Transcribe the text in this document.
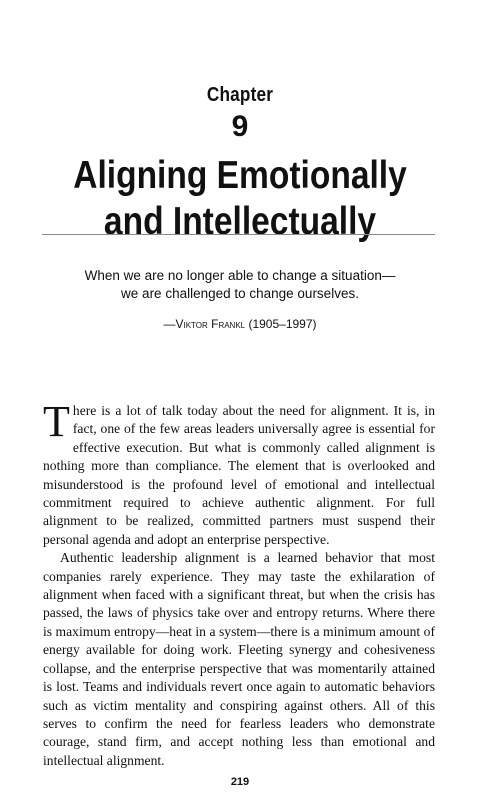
Chapter
9
Aligning Emotionally and Intellectually
When we are no longer able to change a situation—
we are challenged to change ourselves.
—Viktor Frankl (1905–1997)

There is a lot of talk today about the need for alignment. It is, in fact, one of the few areas leaders universally agree is essential for effective execution. But what is commonly called alignment is nothing more than compliance. The element that is overlooked and misunderstood is the profound level of emotional and intellectual commitment required to achieve authentic alignment. For full alignment to be realized, committed partners must suspend their personal agenda and adopt an enterprise perspective.

Authentic leadership alignment is a learned behavior that most companies rarely experience. They may taste the exhilaration of alignment when faced with a significant threat, but when the crisis has passed, the laws of physics take over and entropy returns. Where there is maximum entropy—heat in a system—there is a minimum amount of energy available for doing work. Fleeting synergy and cohesiveness collapse, and the enterprise perspective that was momentarily attained is lost. Teams and individuals revert once again to automatic behaviors such as victim mentality and conspiring against others. All of this serves to confirm the need for fearless leaders who demonstrate courage, stand firm, and accept nothing less than emotional and intellectual alignment.

219
